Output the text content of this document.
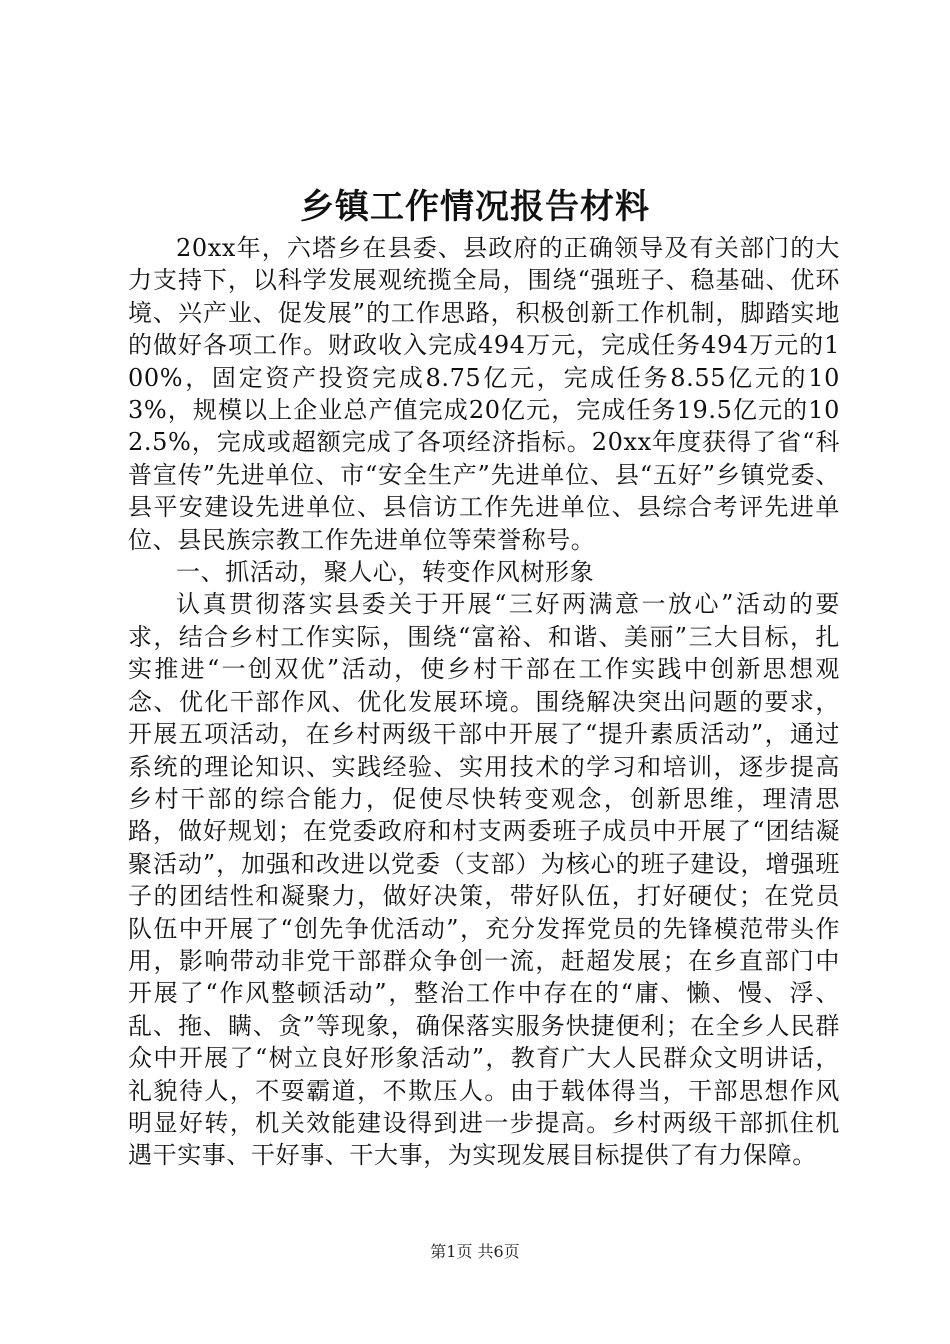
乡镇工作情况报告材料

20xx年，六塔乡在县委、县政府的正确领导及有关部门的大力支持下，以科学发展观统揽全局，围绕“强班子、稳基础、优环境、兴产业、促发展”的工作思路，积极创新工作机制，脚踏实地的做好各项工作。财政收入完成494万元，完成任务494万元的100%，固定资产投资完成8.75亿元，完成任务8.55亿元的103%，规模以上企业总产值完成20亿元，完成任务19.5亿元的102.5%，完成或超额完成了各项经济指标。20xx年度获得了省“科普宣传”先进单位、市“安全生产”先进单位、县“五好”乡镇党委、县平安建设先进单位、县信访工作先进单位、县综合考评先进单位、县民族宗教工作先进单位等荣誉称号。

一、抓活动，聚人心，转变作风树形象

认真贯彻落实县委关于开展“三好两满意一放心”活动的要求，结合乡村工作实际，围绕“富裕、和谐、美丽”三大目标，扎实推进“一创双优”活动，使乡村干部在工作实践中创新思想观念、优化干部作风、优化发展环境。围绕解决突出问题的要求，开展五项活动，在乡村两级干部中开展了“提升素质活动”，通过系统的理论知识、实践经验、实用技术的学习和培训，逐步提高乡村干部的综合能力，促使尽快转变观念，创新思维，理清思路，做好规划；在党委政府和村支两委班子成员中开展了“团结凝聚活动”，加强和改进以党委（支部）为核心的班子建设，增强班子的团结性和凝聚力，做好决策，带好队伍，打好硬仗；在党员队伍中开展了“创先争优活动”，充分发挥党员的先锋模范带头作用，影响带动非党干部群众争创一流，赶超发展；在乡直部门中开展了“作风整顿活动”，整治工作中存在的“庸、懒、慢、浮、乱、拖、瞒、贪”等现象，确保落实服务快捷便利；在全乡人民群众中开展了“树立良好形象活动”，教育广大人民群众文明讲话，礼貌待人，不耍霸道，不欺压人。由于载体得当，干部思想作风明显好转，机关效能建设得到进一步提高。乡村两级干部抓住机遇干实事、干好事、干大事，为实现发展目标提供了有力保障。

第1页 共6页
